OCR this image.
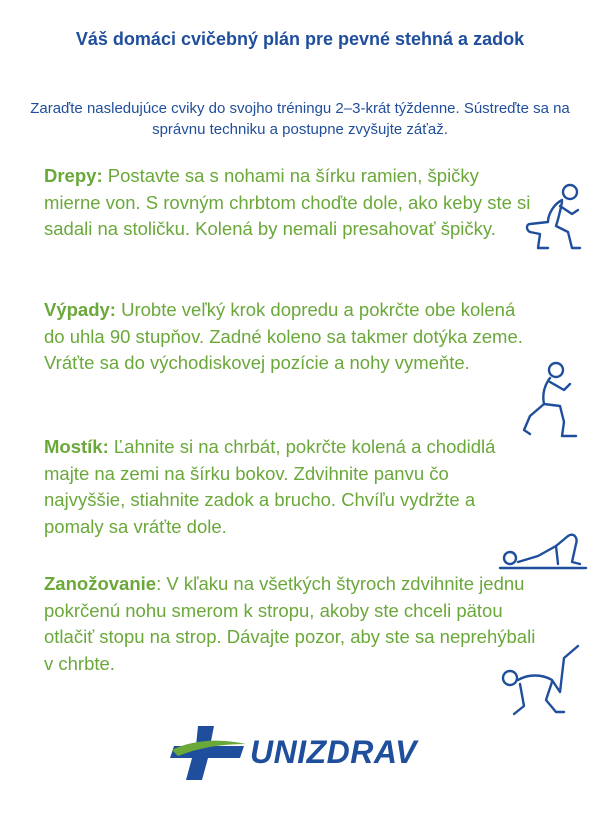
Váš domáci cvičebný plán pre pevné stehná a zadok
Zaraďte nasledujúce cviky do svojho tréningu 2–3-krát týždenne. Sústreďte sa na správnu techniku a postupne zvyšujte záťaž.
Drepy: Postavte sa s nohami na šírku ramien, špičky mierne von. S rovným chrbtom choďte dole, ako keby ste si sadali na stoličku. Kolená by nemali presahovať špičky.
Výpady: Urobte veľký krok dopredu a pokrčte obe kolená do uhla 90 stupňov. Zadné koleno sa takmer dotýka zeme. Vráťte sa do východiskovej pozície a nohy vymeňte.
Mostík: Ľahnite si na chrbát, pokrčte kolená a chodidlá majte na zemi na šírku bokov. Zdvihnite panvu čo najvyššie, stiahnite zadok a brucho. Chvíľu vydržte a pomaly sa vráťte dole.
Zanožovanie: V kľaku na všetkých štyroch zdvihnite jednu pokrčenú nohu smerom k stropu, akoby ste chceli pätou otlačiť stopu na strop. Dávajte pozor, aby ste sa neprehýbali v chrbte.
UNIZDRAV
